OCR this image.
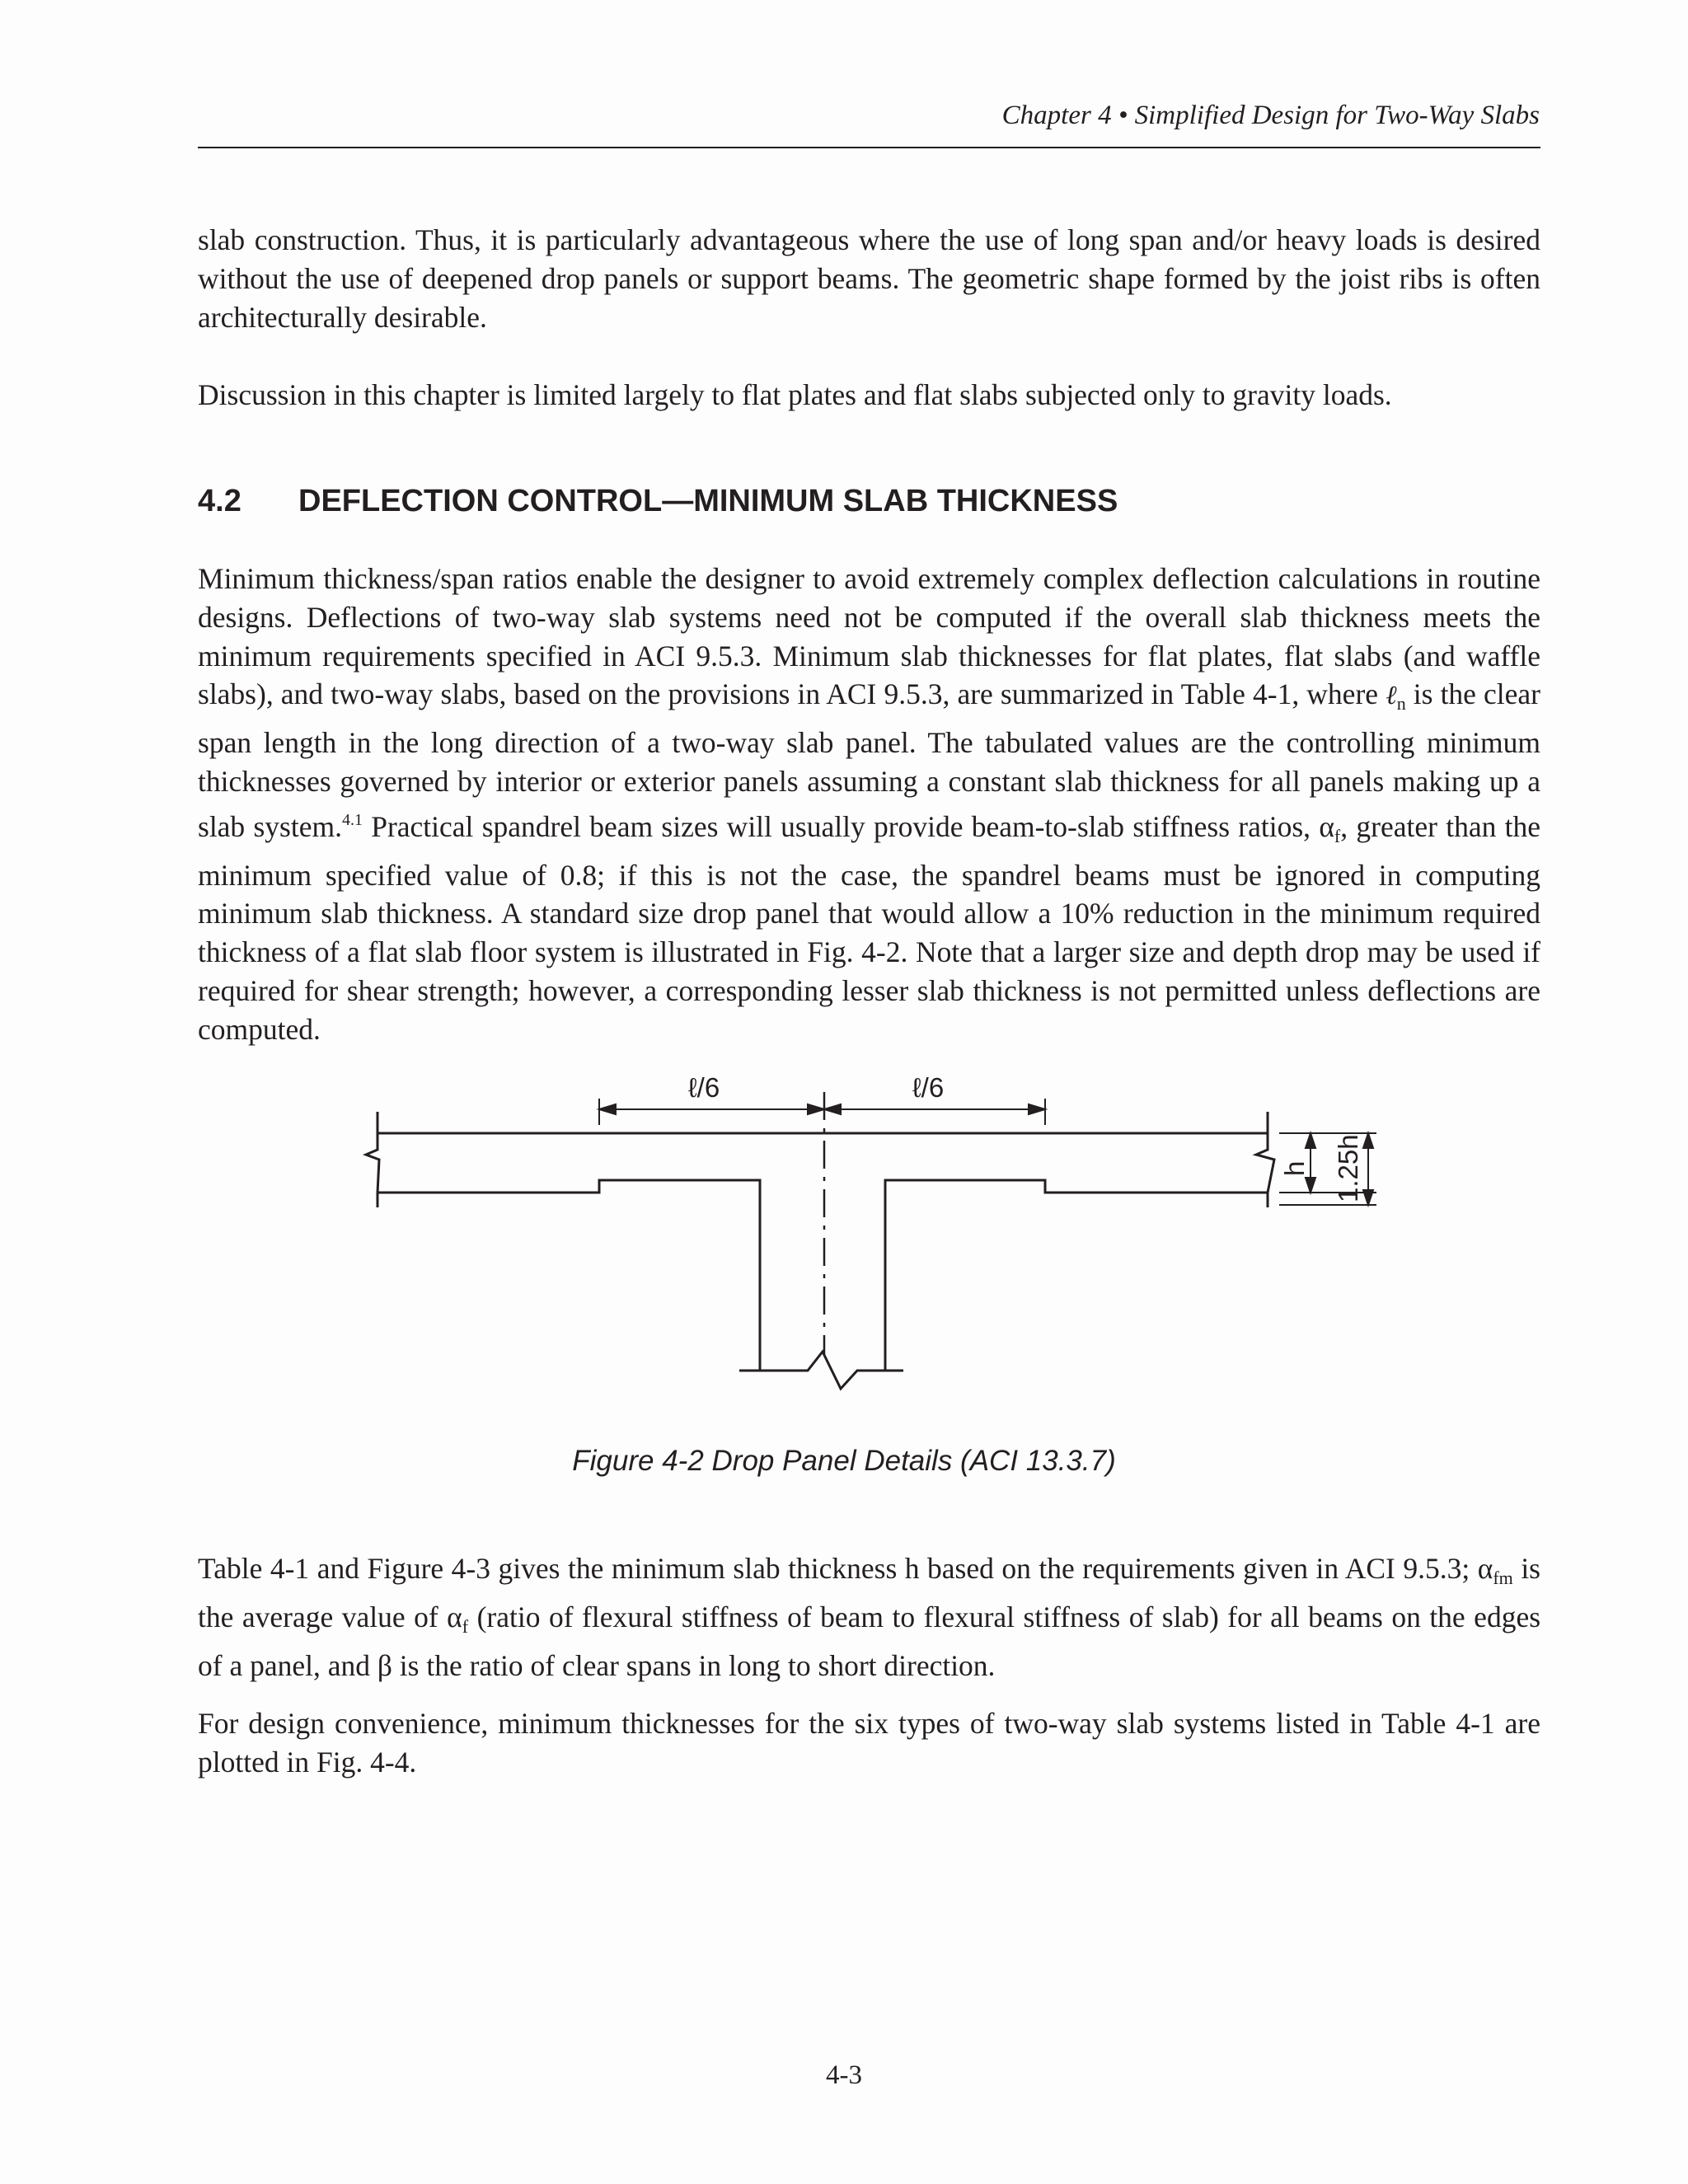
Chapter 4 • Simplified Design for Two-Way Slabs

slab construction. Thus, it is particularly advantageous where the use of long span and/or heavy loads is desired without the use of deepened drop panels or support beams. The geometric shape formed by the joist ribs is often architecturally desirable.

Discussion in this chapter is limited largely to flat plates and flat slabs subjected only to gravity loads.

4.2 DEFLECTION CONTROL—MINIMUM SLAB THICKNESS

Minimum thickness/span ratios enable the designer to avoid extremely complex deflection calculations in routine designs. Deflections of two-way slab systems need not be computed if the overall slab thickness meets the minimum requirements specified in ACI 9.5.3. Minimum slab thicknesses for flat plates, flat slabs (and waffle slabs), and two-way slabs, based on the provisions in ACI 9.5.3, are summarized in Table 4-1, where ℓ$_n$ is the clear span length in the long direction of a two-way slab panel. The tabulated values are the controlling minimum thicknesses governed by interior or exterior panels assuming a constant slab thickness for all panels making up a slab system.$^{4.1}$ Practical spandrel beam sizes will usually provide beam-to-slab stiffness ratios, $\alpha_f$, greater than the minimum specified value of 0.8; if this is not the case, the spandrel beams must be ignored in computing minimum slab thickness. A standard size drop panel that would allow a 10% reduction in the minimum required thickness of a flat slab floor system is illustrated in Fig. 4-2. Note that a larger size and depth drop may be used if required for shear strength; however, a corresponding lesser slab thickness is not permitted unless deflections are computed.

ℓ/6	ℓ/6
h 1.25h

Figure 4-2 Drop Panel Details (ACI 13.3.7)

Table 4-1 and Figure 4-3 gives the minimum slab thickness h based on the requirements given in ACI 9.5.3; $\alpha_{fm}$ is the average value of $\alpha_f$ (ratio of flexural stiffness of beam to flexural stiffness of slab) for all beams on the edges of a panel, and β is the ratio of clear spans in long to short direction.

For design convenience, minimum thicknesses for the six types of two-way slab systems listed in Table 4-1 are plotted in Fig. 4-4.

4-3
